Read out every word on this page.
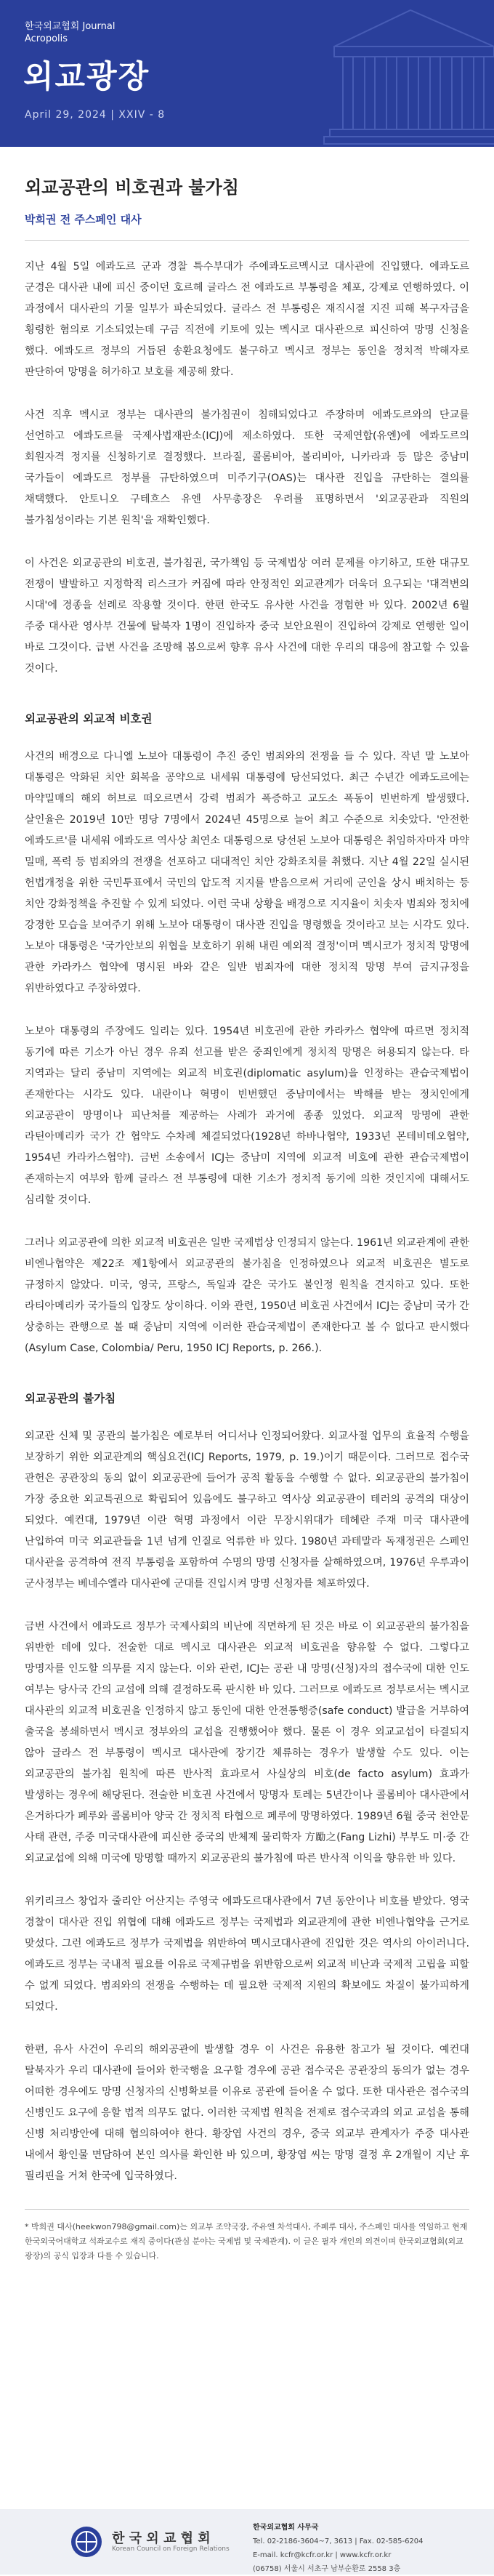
한국외교협회 Journal
Acropolis
외교광장
April 29, 2024 | XXIV - 8
외교공관의 비호권과 불가침
박희권 전 주스페인 대사

지난 4월 5일 에콰도르 군과 경찰 특수부대가 주에콰도르멕시코 대사관에 진입했다. 에콰도르 군경은 대사관 내에 피신 중이던 호르헤 글라스 전 에콰도르 부통령을 체포, 강제로 연행하였다. 이 과정에서 대사관의 기물 일부가 파손되었다. 글라스 전 부통령은 재직시절 지진 피해 복구자금을 횡령한 혐의로 기소되었는데 구금 직전에 키토에 있는 멕시코 대사관으로 피신하여 망명 신청을 했다. 에콰도르 정부의 거듭된 송환요청에도 불구하고 멕시코 정부는 동인을 정치적 박해자로 판단하여 망명을 허가하고 보호를 제공해 왔다.

사건 직후 멕시코 정부는 대사관의 불가침권이 침해되었다고 주장하며 에콰도르와의 단교를 선언하고 에콰도르를 국제사법재판소(ICJ)에 제소하였다. 또한 국제연합(유엔)에 에콰도르의 회원자격 정지를 신청하기로 결정했다. 브라질, 콜롬비아, 볼리비아, 니카라과 등 많은 중남미 국가들이 에콰도르 정부를 규탄하였으며 미주기구(OAS)는 대사관 진입을 규탄하는 결의를 채택했다. 안토니오 구테흐스 유엔 사무총장은 우려를 표명하면서 '외교공관과 직원의 불가침성이라는 기본 원칙'을 재확인했다.

이 사건은 외교공관의 비호권, 불가침권, 국가책임 등 국제법상 여러 문제를 야기하고, 또한 대규모 전쟁이 발발하고 지정학적 리스크가 커짐에 따라 안정적인 외교관계가 더욱더 요구되는 '대격변의 시대'에 경종을 선례로 작용할 것이다. 한편 한국도 유사한 사건을 경험한 바 있다. 2002년 6월 주중 대사관 영사부 건물에 탈북자 1명이 진입하자 중국 보안요원이 진입하여 강제로 연행한 일이 바로 그것이다. 급변 사건을 조망해 봄으로써 향후 유사 사건에 대한 우리의 대응에 참고할 수 있을 것이다.

외교공관의 외교적 비호권

사건의 배경으로 다니엘 노보아 대통령이 추진 중인 범죄와의 전쟁을 들 수 있다. 작년 말 노보아 대통령은 악화된 치안 회복을 공약으로 내세워 대통령에 당선되었다. 최근 수년간 에콰도르에는 마약밀매의 해외 허브로 떠오르면서 강력 범죄가 폭증하고 교도소 폭동이 빈번하게 발생했다. 살인율은 2019년 10만 명당 7명에서 2024년 45명으로 늘어 최고 수준으로 치솟았다. '안전한 에콰도르'를 내세워 에콰도르 역사상 최연소 대통령으로 당선된 노보아 대통령은 취임하자마자 마약 밀매, 폭력 등 범죄와의 전쟁을 선포하고 대대적인 치안 강화조치를 취했다. 지난 4월 22일 실시된 헌법개정을 위한 국민투표에서 국민의 압도적 지지를 받음으로써 거리에 군인을 상시 배치하는 등 치안 강화정책을 추진할 수 있게 되었다. 이런 국내 상황을 배경으로 지지율이 치솟자 범죄와 정치에 강경한 모습을 보여주기 위해 노보아 대통령이 대사관 진입을 명령했을 것이라고 보는 시각도 있다. 노보아 대통령은 '국가안보의 위협을 보호하기 위해 내린 예외적 결정'이며 멕시코가 정치적 망명에 관한 카라카스 협약에 명시된 바와 같은 일반 범죄자에 대한 정치적 망명 부여 금지규정을 위반하였다고 주장하였다.

노보아 대통령의 주장에도 일리는 있다. 1954년 비호권에 관한 카라카스 협약에 따르면 정치적 동기에 따른 기소가 아닌 경우 유죄 선고를 받은 중죄인에게 정치적 망명은 허용되지 않는다. 타 지역과는 달리 중남미 지역에는 외교적 비호권(diplomatic asylum)을 인정하는 관습국제법이 존재한다는 시각도 있다. 내란이나 혁명이 빈번했던 중남미에서는 박해를 받는 정치인에게 외교공관이 망명이나 피난처를 제공하는 사례가 과거에 종종 있었다. 외교적 망명에 관한 라틴아메리카 국가 간 협약도 수차례 체결되었다(1928년 하바나협약, 1933년 몬테비데오협약, 1954년 카라카스협약). 금번 소송에서 ICJ는 중남미 지역에 외교적 비호에 관한 관습국제법이 존재하는지 여부와 함께 글라스 전 부통령에 대한 기소가 정치적 동기에 의한 것인지에 대해서도 심리할 것이다.

그러나 외교공관에 의한 외교적 비호권은 일반 국제법상 인정되지 않는다. 1961년 외교관계에 관한 비엔나협약은 제22조 제1항에서 외교공관의 불가침을 인정하였으나 외교적 비호권은 별도로 규정하지 않았다. 미국, 영국, 프랑스, 독일과 같은 국가도 불인정 원칙을 견지하고 있다. 또한 라티아메리카 국가들의 입장도 상이하다. 이와 관련, 1950년 비호권 사건에서 ICJ는 중남미 국가 간 상충하는 관행으로 볼 때 중남미 지역에 이러한 관습국제법이 존재한다고 볼 수 없다고 판시했다(Asylum Case, Colombia/ Peru, 1950 ICJ Reports, p. 266.).

외교공관의 불가침

외교관 신체 및 공관의 불가침은 예로부터 어디서나 인정되어왔다. 외교사절 업무의 효율적 수행을 보장하기 위한 외교관계의 핵심요건(ICJ Reports, 1979, p. 19.)이기 때문이다. 그러므로 접수국 관헌은 공관장의 동의 없이 외교공관에 들어가 공적 활동을 수행할 수 없다. 외교공관의 불가침이 가장 중요한 외교특권으로 확립되어 있음에도 불구하고 역사상 외교공관이 테러의 공격의 대상이 되었다. 예컨대, 1979년 이란 혁명 과정에서 이란 무장시위대가 테헤란 주재 미국 대사관에 난입하여 미국 외교관들을 1년 넘게 인질로 억류한 바 있다. 1980년 과테말라 독재정권은 스페인 대사관을 공격하여 전직 부통령을 포함하여 수명의 망명 신청자를 살해하였으며, 1976년 우루과이 군사정부는 베네수엘라 대사관에 군대를 진입시켜 망명 신청자를 체포하였다.

금번 사건에서 에콰도르 정부가 국제사회의 비난에 직면하게 된 것은 바로 이 외교공관의 불가침을 위반한 데에 있다. 전술한 대로 멕시코 대사관은 외교적 비호권을 향유할 수 없다. 그렇다고 망명자를 인도할 의무를 지지 않는다. 이와 관련, ICJ는 공관 내 망명(신청)자의 접수국에 대한 인도 여부는 당사국 간의 교섭에 의해 결정하도록 판시한 바 있다. 그러므로 에콰도르 정부로서는 멕시코 대사관의 외교적 비호권을 인정하지 않고 동인에 대한 안전통행증(safe conduct) 발급을 거부하여 출국을 봉쇄하면서 멕시코 정부와의 교섭을 진행했어야 했다. 물론 이 경우 외교교섭이 타결되지 않아 글라스 전 부통령이 멕시코 대사관에 장기간 체류하는 경우가 발생할 수도 있다. 이는 외교공관의 불가침 원칙에 따른 반사적 효과로서 사실상의 비호(de facto asylum) 효과가 발생하는 경우에 해당된다. 전술한 비호권 사건에서 망명자 토레는 5년간이나 콜롬비아 대사관에서 은거하다가 페루와 콜롬비아 양국 간 정치적 타협으로 페루에 망명하였다. 1989년 6월 중국 천안문 사태 관련, 주중 미국대사관에 피신한 중국의 반체제 물리학자 方勵之(Fang Lizhi) 부부도 미·중 간 외교교섭에 의해 미국에 망명할 때까지 외교공관의 불가침에 따른 반사적 이익을 향유한 바 있다.

위키리크스 창업자 줄리안 어산지는 주영국 에콰도르대사관에서 7년 동안이나 비호를 받았다. 영국 경찰이 대사관 진입 위협에 대해 에콰도르 정부는 국제법과 외교관계에 관한 비엔나협약을 근거로 맞섰다. 그런 에콰도르 정부가 국제법을 위반하여 멕시코대사관에 진입한 것은 역사의 아이러니다. 에콰도르 정부는 국내적 필요를 이유로 국제규범을 위반함으로써 외교적 비난과 국제적 고립을 피할 수 없게 되었다. 범죄와의 전쟁을 수행하는 데 필요한 국제적 지원의 확보에도 차질이 불가피하게 되었다.

한편, 유사 사건이 우리의 해외공관에 발생할 경우 이 사건은 유용한 참고가 될 것이다. 예컨대 탈북자가 우리 대사관에 들어와 한국행을 요구할 경우에 공관 접수국은 공관장의 동의가 없는 경우 어떠한 경우에도 망명 신청자의 신병확보를 이유로 공관에 들어올 수 없다. 또한 대사관은 접수국의 신병인도 요구에 응할 법적 의무도 없다. 이러한 국제법 원칙을 전제로 접수국과의 외교 교섭을 통해 신병 처리방안에 대해 협의하여야 한다. 황장엽 사건의 경우, 중국 외교부 관계자가 주중 대사관 내에서 황인물 면담하여 본인 의사를 확인한 바 있으며, 황장엽 씨는 망명 결정 후 2개월이 지난 후 필리핀을 거쳐 한국에 입국하였다.

* 박희권 대사(heekwon798@gmail.com)는 외교부 조약국장, 주유엔 차석대사, 주페루 대사, 주스페인 대사를 역임하고 현재 한국외국어대학교 석좌교수로 재직 중이다(관심 분야는 국제법 및 국제관계). 이 글은 필자 개인의 의견이며 한국외교협회(외교광장)의 공식 입장과 다를 수 있습니다.
한 국 외 교 협 회
Korean Council on Foreign Relations
한국외교협회 사무국
Tel. 02-2186-3604~7, 3613 | Fax. 02-585-6204
E-mail. kcfr@kcfr.or.kr | www.kcfr.or.kr
(06758) 서울시 서초구 남부순환로 2558 3층
